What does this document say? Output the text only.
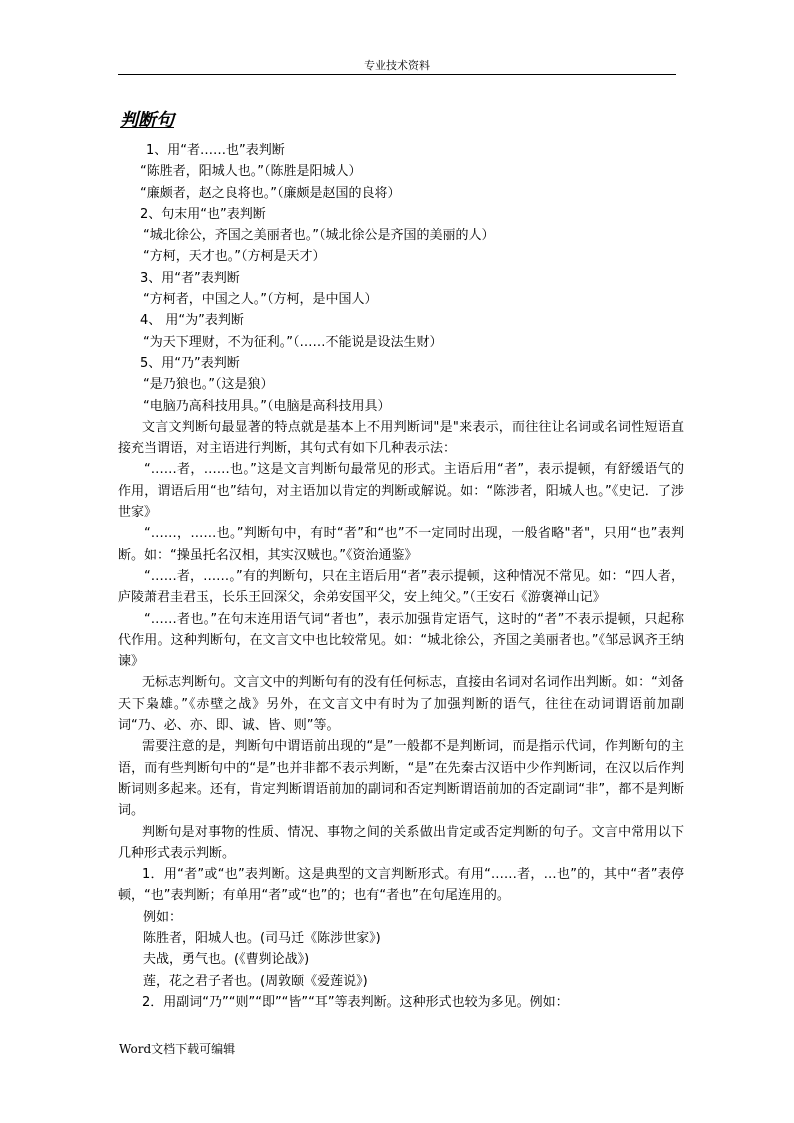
专业技术资料
判断句
1、用“者……也”表判断
“陈胜者，阳城人也。”（陈胜是阳城人）
“廉颇者，赵之良将也。”（廉颇是赵国的良将）
2、句末用“也”表判断
“城北徐公，齐国之美丽者也。”（城北徐公是齐国的美丽的人）
“方柯，天才也。”（方柯是天才）
3、用“者”表判断
“方柯者，中国之人。”（方柯，是中国人）
4、 用“为”表判断
“为天下理财，不为征利。”（……不能说是设法生财）
5、用“乃”表判断
“是乃狼也。”（这是狼）
“电脑乃高科技用具。”（电脑是高科技用具）
文言文判断句最显著的特点就是基本上不用判断词"是"来表示，而往往让名词或名词性短语直接充当谓语，对主语进行判断，其句式有如下几种表示法：
“……者，……也。”这是文言判断句最常见的形式。主语后用“者”，表示提顿，有舒缓语气的作用，谓语后用“也”结句，对主语加以肯定的判断或解说。如：“陈涉者，阳城人也。”《史记．了涉世家》
“……，……也。”判断句中，有时“者”和“也”不一定同时出现，一般省略"者"，只用“也”表判断。如：“操虽托名汉相，其实汉贼也。”《资治通鉴》
“……者，……。”有的判断句，只在主语后用“者”表示提顿，这种情况不常见。如：“四人者，庐陵萧君圭君玉，长乐王回深父，余弟安国平父，安上纯父。”（王安石《游褒禅山记》
“……者也。”在句末连用语气词“者也”，表示加强肯定语气，这时的“者”不表示提顿，只起称代作用。这种判断句，在文言文中也比较常见。如：“城北徐公，齐国之美丽者也。”《邹忌讽齐王纳谏》
无标志判断句。文言文中的判断句有的没有任何标志，直接由名词对名词作出判断。如：“刘备天下枭雄。”《赤壁之战》另外，在文言文中有时为了加强判断的语气，往往在动词谓语前加副词“乃、必、亦、即、诚、皆、则”等。
需要注意的是，判断句中谓语前出现的“是”一般都不是判断词，而是指示代词，作判断句的主语，而有些判断句中的“是”也并非都不表示判断，“是”在先秦古汉语中少作判断词，在汉以后作判断词则多起来。还有，肯定判断谓语前加的副词和否定判断谓语前加的否定副词“非”，都不是判断词。
判断句是对事物的性质、情况、事物之间的关系做出肯定或否定判断的句子。文言中常用以下几种形式表示判断。
1．用“者”或“也”表判断。这是典型的文言判断形式。有用“……者，…也”的，其中“者”表停顿，“也”表判断；有单用“者”或“也”的；也有“者也”在句尾连用的。
例如：
陈胜者，阳城人也。(司马迁《陈涉世家》)
夫战，勇气也。(《曹刿论战》)
莲，花之君子者也。(周敦颐《爱莲说》)
2．用副词“乃”“则”“即”“皆”“耳”等表判断。这种形式也较为多见。例如：
Word文档下载可编辑
